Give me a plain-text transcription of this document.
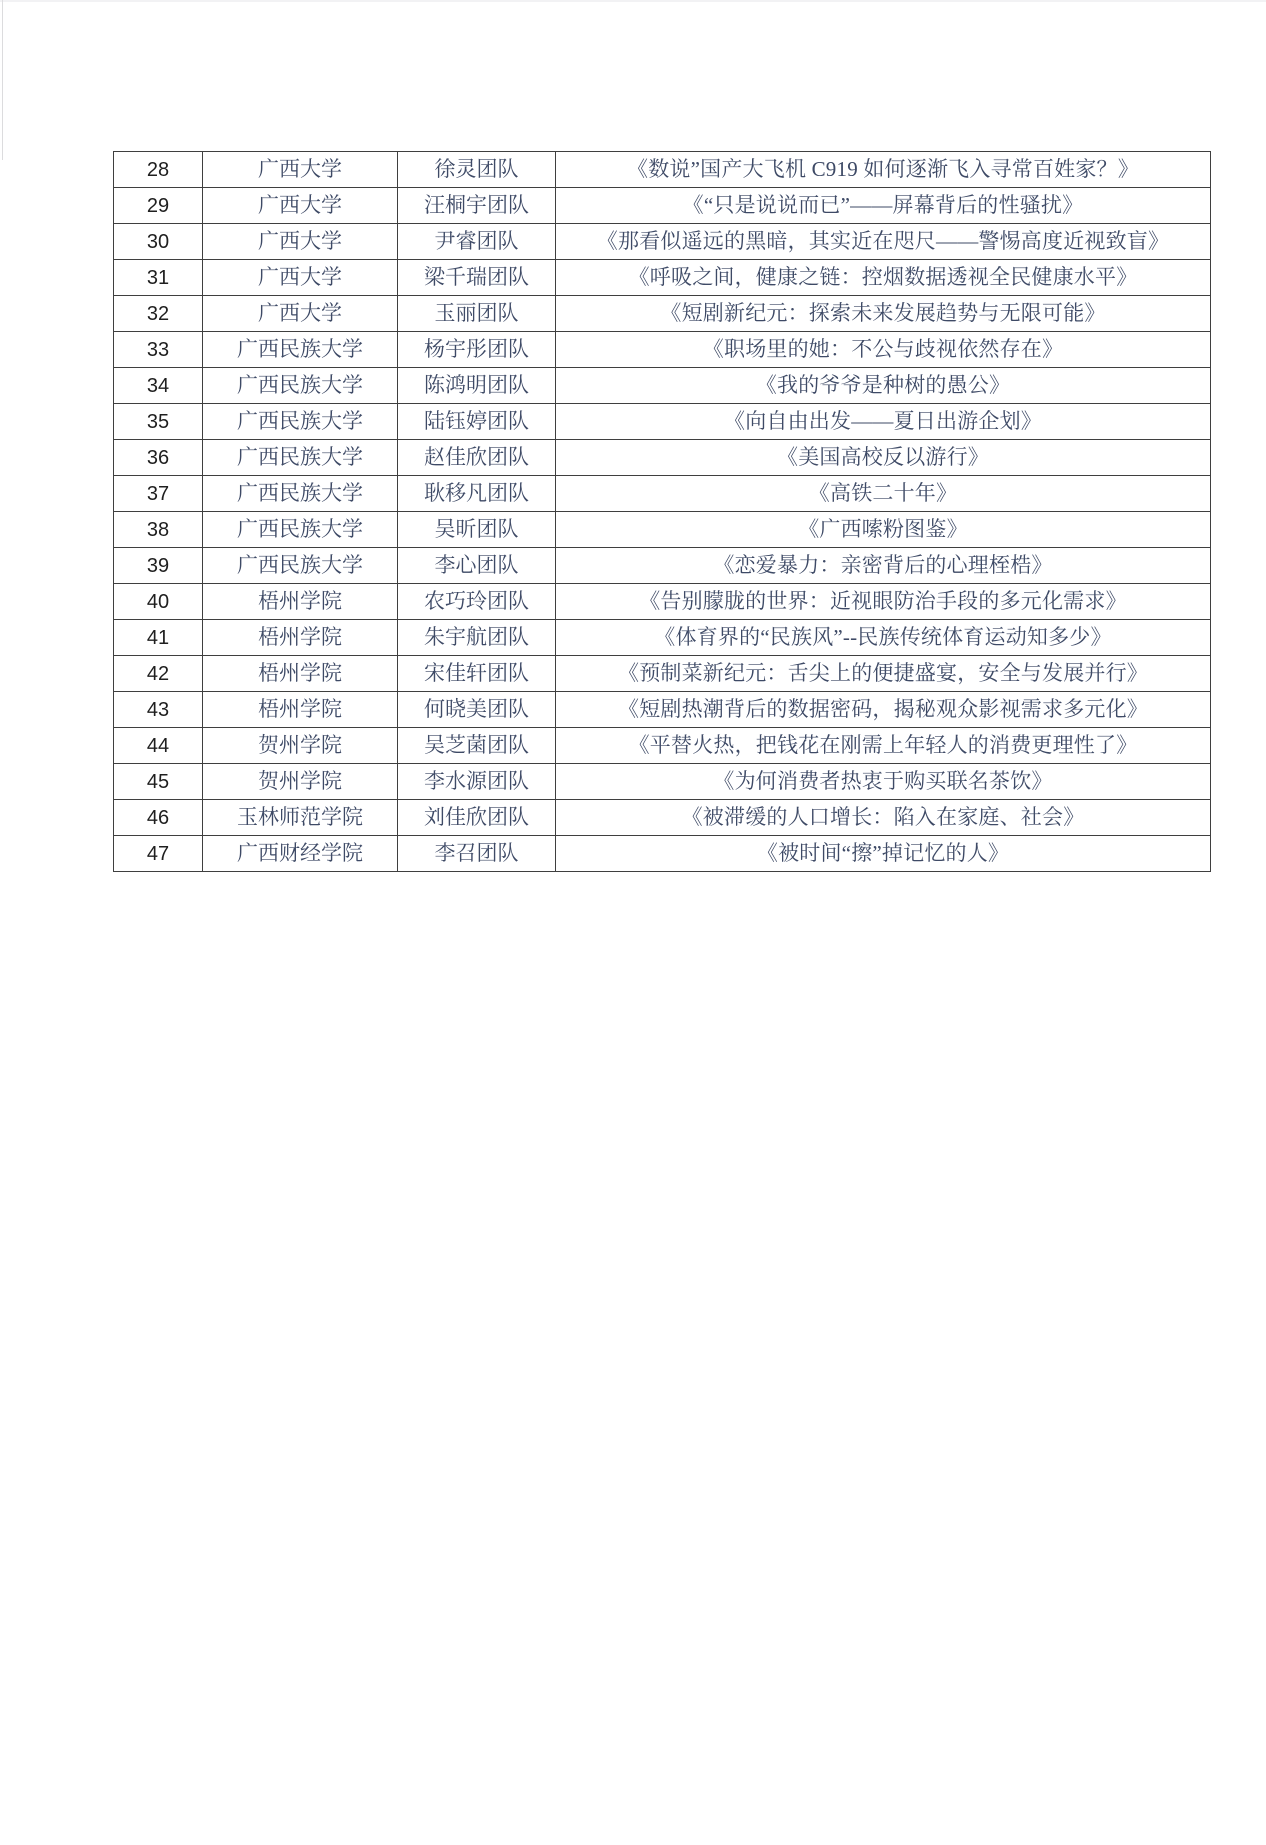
28	广西大学	徐灵团队	《数说”国产大飞机 C919 如何逐渐飞入寻常百姓家？》
29	广西大学	汪桐宇团队	《“只是说说而已”——屏幕背后的性骚扰》
30	广西大学	尹睿团队	《那看似遥远的黑暗，其实近在咫尺——警惕高度近视致盲》
31	广西大学	梁千瑞团队	《呼吸之间，健康之链：控烟数据透视全民健康水平》
32	广西大学	玉丽团队	《短剧新纪元：探索未来发展趋势与无限可能》
33	广西民族大学	杨宇彤团队	《职场里的她：不公与歧视依然存在》
34	广西民族大学	陈鸿明团队	《我的爷爷是种树的愚公》
35	广西民族大学	陆钰婷团队	《向自由出发——夏日出游企划》
36	广西民族大学	赵佳欣团队	《美国高校反以游行》
37	广西民族大学	耿移凡团队	《高铁二十年》
38	广西民族大学	吴昕团队	《广西嗦粉图鉴》
39	广西民族大学	李心团队	《恋爱暴力：亲密背后的心理桎梏》
40	梧州学院	农巧玲团队	《告别朦胧的世界：近视眼防治手段的多元化需求》
41	梧州学院	朱宇航团队	《体育界的“民族风”--民族传统体育运动知多少》
42	梧州学院	宋佳轩团队	《预制菜新纪元：舌尖上的便捷盛宴，安全与发展并行》
43	梧州学院	何晓美团队	《短剧热潮背后的数据密码，揭秘观众影视需求多元化》
44	贺州学院	吴芝菌团队	《平替火热，把钱花在刚需上年轻人的消费更理性了》
45	贺州学院	李水源团队	《为何消费者热衷于购买联名茶饮》
46	玉林师范学院	刘佳欣团队	《被滞缓的人口增长：陷入在家庭、社会》
47	广西财经学院	李召团队	《被时间“擦”掉记忆的人》
